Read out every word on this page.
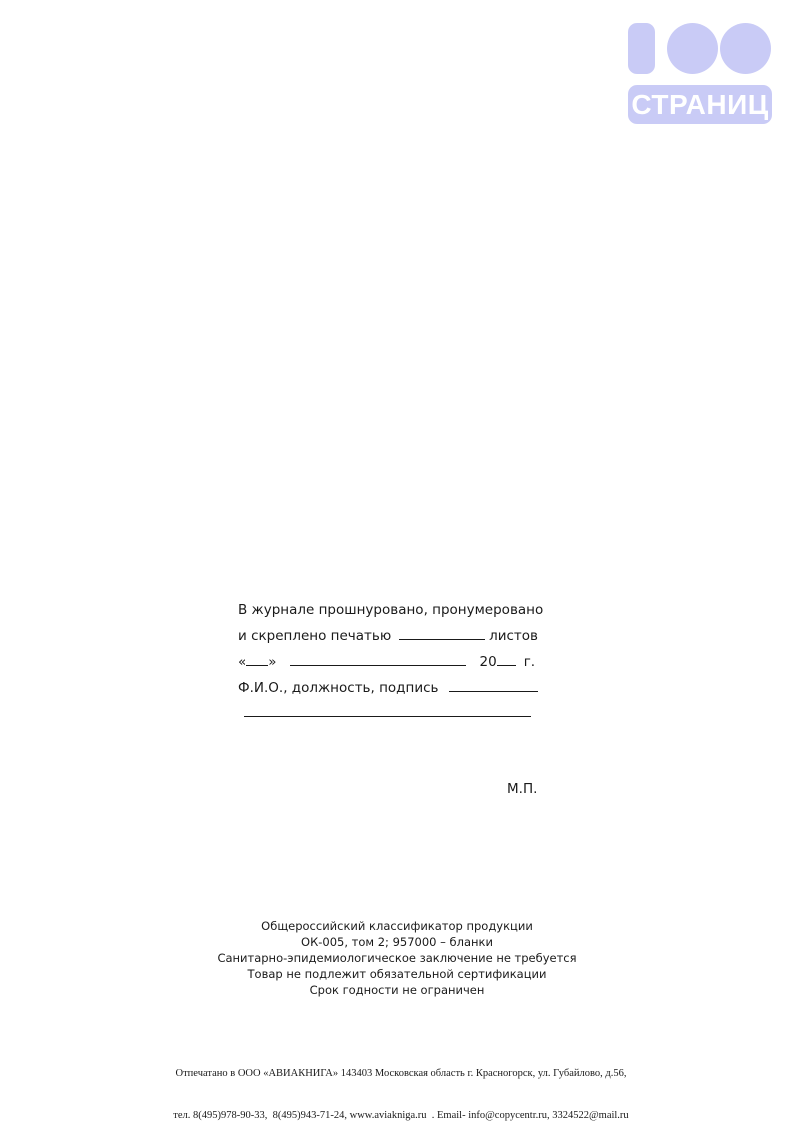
СТРАНИЦ
В журнале прошнуровано, пронумеровано
и скреплено печатью	листов
« »	20 г.
Ф.И.О., должность, подпись
М.П.
Общероссийский классификатор продукции
ОК-005, том 2; 957000 – бланки
Санитарно-эпидемиологическое заключение не требуется
Товар не подлежит обязательной сертификации
Срок годности не ограничен

Отпечатано в ООО «АВИАКНИГА» 143403 Московская область г. Красногорск, ул. Губайлово, д.56,

тел. 8(495)978-90-33,  8(495)943-71-24, www.aviakniga.ru  . Email- info@copycentr.ru, 3324522@mail.ru
